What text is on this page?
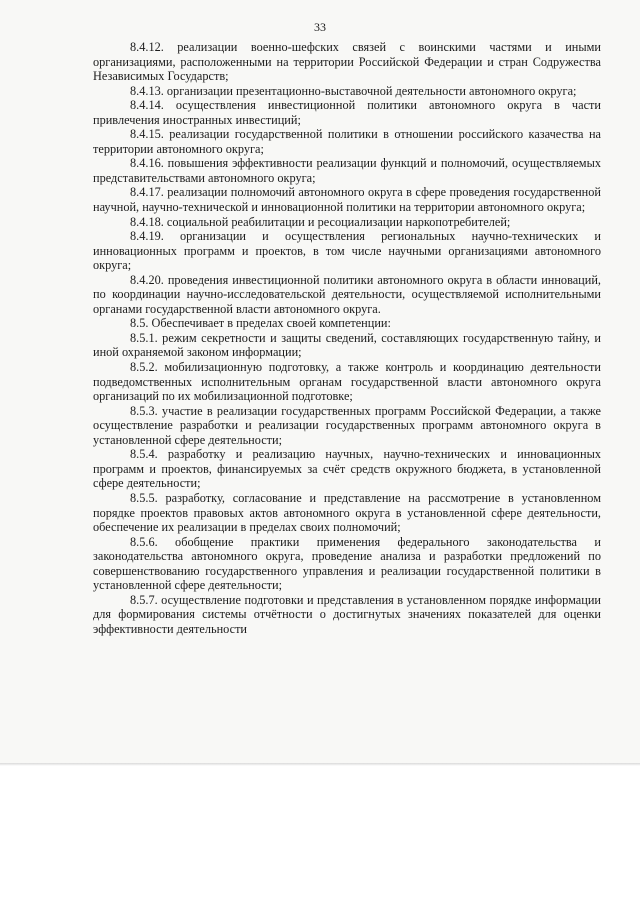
33

8.4.12. реализации военно-шефских связей с воинскими частями и иными организациями, расположенными на территории Российской Федерации и стран Содружества Независимых Государств;

8.4.13. организации презентационно-выставочной деятельности автономного округа;

8.4.14. осуществления инвестиционной политики автономного округа в части привлечения иностранных инвестиций;

8.4.15. реализации государственной политики в отношении российского казачества на территории автономного округа;

8.4.16. повышения эффективности реализации функций и полномочий, осуществляемых представительствами автономного округа;

8.4.17. реализации полномочий автономного округа в сфере проведения государственной научной, научно-технической и инновационной политики на территории автономного округа;

8.4.18. социальной реабилитации и ресоциализации наркопотребителей;

8.4.19. организации и осуществления региональных научно-технических и инновационных программ и проектов, в том числе научными организациями автономного округа;

8.4.20. проведения инвестиционной политики автономного округа в области инноваций, по координации научно-исследовательской деятельности, осуществляемой исполнительными органами государственной власти автономного округа.

8.5. Обеспечивает в пределах своей компетенции:

8.5.1. режим секретности и защиты сведений, составляющих государственную тайну, и иной охраняемой законом информации;

8.5.2. мобилизационную подготовку, а также контроль и координацию деятельности подведомственных исполнительным органам государственной власти автономного округа организаций по их мобилизационной подготовке;

8.5.3. участие в реализации государственных программ Российской Федерации, а также осуществление разработки и реализации государственных программ автономного округа в установленной сфере деятельности;

8.5.4. разработку и реализацию научных, научно-технических и инновационных программ и проектов, финансируемых за счёт средств окружного бюджета, в установленной сфере деятельности;

8.5.5. разработку, согласование и представление на рассмотрение в установленном порядке проектов правовых актов автономного округа в установленной сфере деятельности, обеспечение их реализации в пределах своих полномочий;

8.5.6. обобщение практики применения федерального законодательства и законодательства автономного округа, проведение анализа и разработки предложений по совершенствованию государственного управления и реализации государственной политики в установленной сфере деятельности;

8.5.7. осуществление подготовки и представления в установленном порядке информации для формирования системы отчётности о достигнутых значениях показателей для оценки эффективности деятельности
